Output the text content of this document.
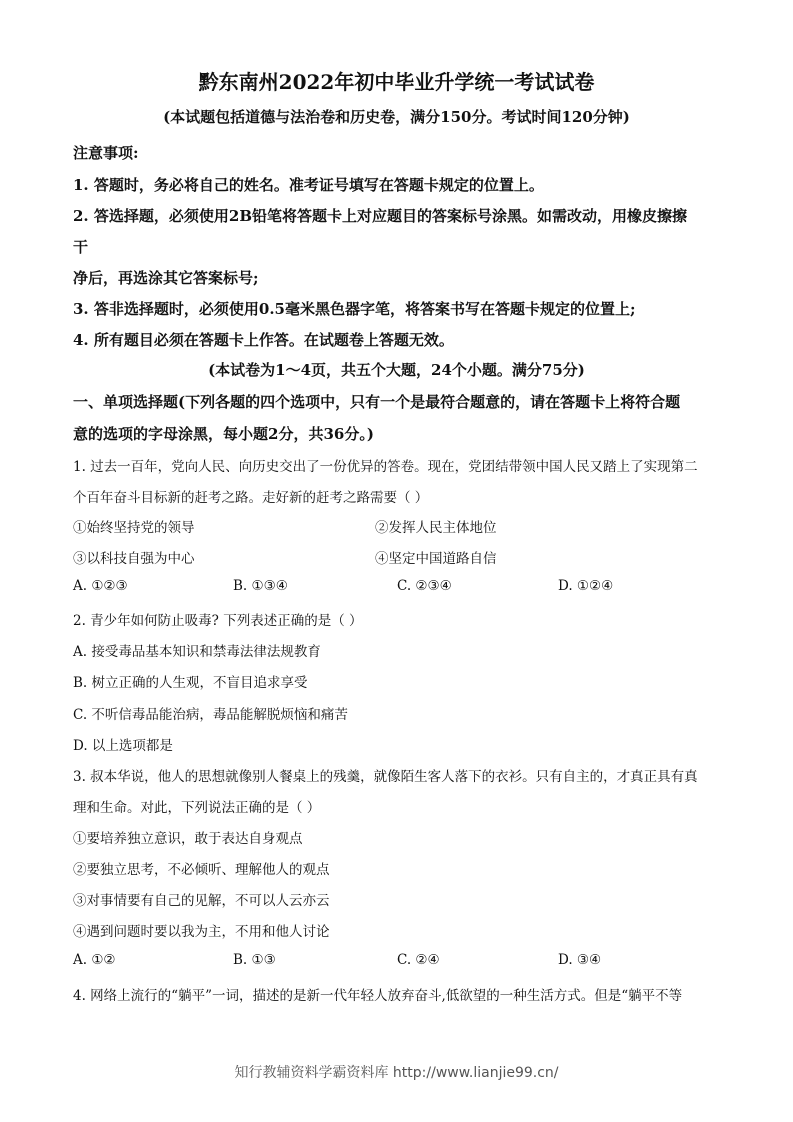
黔东南州2022年初中毕业升学统一考试试卷
(本试题包括道德与法治卷和历史卷，满分150分。考试时间120分钟)
注意事项:
1. 答题时，务必将自己的姓名。准考证号填写在答题卡规定的位置上。
2. 答选择题，必须使用2B铅笔将答题卡上对应题目的答案标号涂黑。如需改动，用橡皮擦擦
干
净后，再选涂其它答案标号;
3. 答非选择题时，必须使用0.5毫米黑色器字笔，将答案书写在答题卡规定的位置上;
4. 所有题目必须在答题卡上作答。在试题卷上答题无效。
(本试卷为1～4页，共五个大题，24个小题。满分75分)
一、单项选择题(下列各题的四个选项中，只有一个是最符合题意的，请在答题卡上将符合题
意的选项的字母涂黑，每小题2分，共36分。)
1. 过去一百年，党向人民、向历史交出了一份优异的答卷。现在，党团结带领中国人民又踏上了实现第二
个百年奋斗目标新的赶考之路。走好新的赶考之路需要（ ）
①始终坚持党的领导	②发挥人民主体地位
③以科技自强为中心	④坚定中国道路自信
A. ①②③	B. ①③④	C. ②③④	D. ①②④
2. 青少年如何防止吸毒? 下列表述正确的是（ ）
A. 接受毒品基本知识和禁毒法律法规教育
B. 树立正确的人生观，不盲目追求享受
C. 不听信毒品能治病，毒品能解脱烦恼和痛苦
D. 以上选项都是
3. 叔本华说，他人的思想就像别人餐桌上的残羹，就像陌生客人落下的衣衫。只有自主的，才真正具有真
理和生命。对此，下列说法正确的是（ ）
①要培养独立意识，敢于表达自身观点
②要独立思考，不必倾听、理解他人的观点
③对事情要有自己的见解，不可以人云亦云
④遇到问题时要以我为主，不用和他人讨论
A. ①②	B. ①③	C. ②④	D. ③④
4. 网络上流行的“躺平”一词，描述的是新一代年轻人放弃奋斗,低欲望的一种生活方式。但是“躺平不等
知行教辅资料学霸资料库 http://www.lianjie99.cn/
